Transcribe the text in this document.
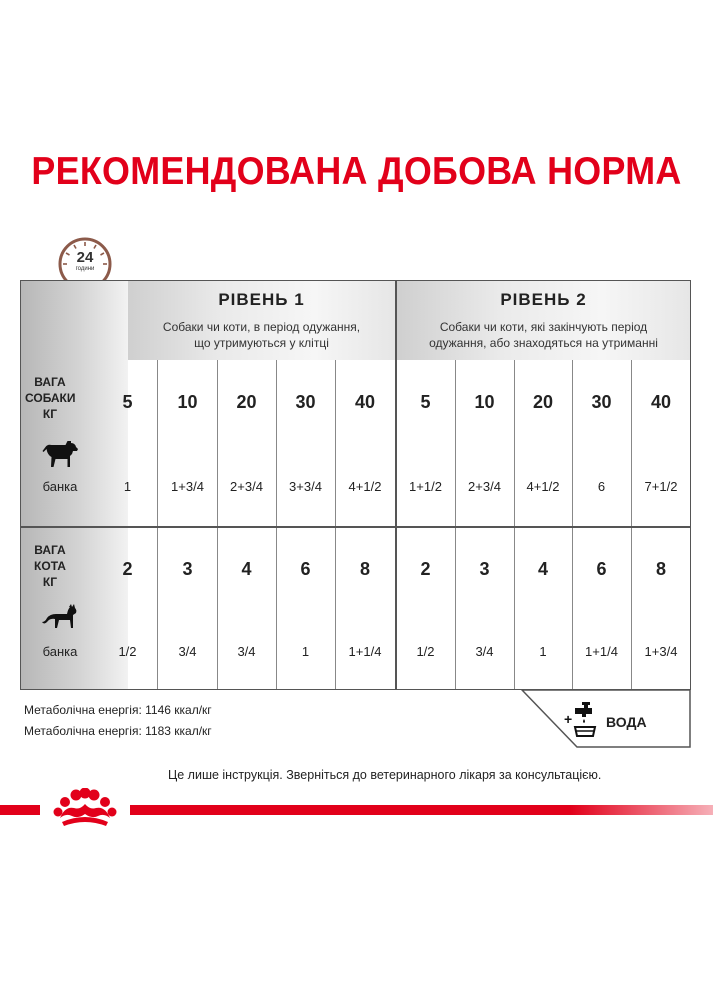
РЕКОМЕНДОВАНА ДОБОВА НОРМА
24
години
РІВЕНЬ 1
Собаки чи коти, в період одужання,
що утримуються у клітці
РІВЕНЬ 2
Собаки чи коти, які закінчують період
одужання, або знаходяться на утриманні
ВАГА
СОБАКИ
КГ
банка
ВАГА
КОТА
КГ
банка
5	10	20	30	40	5	10	20	30	40
1	1+3/4	2+3/4	3+3/4	4+1/2	1+1/2	2+3/4	4+1/2	6	7+1/2
2	3	4	6	8	2	3	4	6	8
1/2	3/4	3/4	1	1+1/4	1/2	3/4	1	1+1/4	1+3/4
+ ВОДА
Метаболічна енергія: 1146 ккал/кг
Метаболічна енергія: 1183 ккал/кг
Це лише інструкція. Зверніться до ветеринарного лікаря за консультацією.
